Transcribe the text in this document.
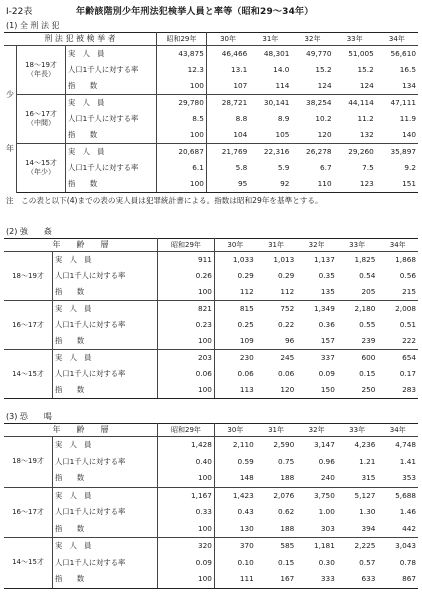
Ⅰ-22表	年齢該階別少年刑法犯検挙人員と率等（昭和29～34年）
(1) 全 刑 法 犯
刑 法 犯 被 検 挙 者			昭和29年	30年	31年	32年	33年	34年
少	18～19才
（年長）	実　人　員	43,875	46,466	48,301	49,770	51,005	56,610
		人口1千人に対する率	12.3	13.1	14.0	15.2	15.2	16.5
		指　　数	100	107	114	124	124	134
	16～17才
（中間）	実　人　員	29,780	28,721	30,141	38,254	44,114	47,111
		人口1千人に対する率	8.5	8.8	8.9	10.2	11.2	11.9
		指　　数	100	104	105	120	132	140
年	14～15才
（年少）	実　人　員	20,687	21,769	22,316	26,278	29,260	35,897
		人口1千人に対する率	6.1	5.8	5.9	6.7	7.5	9.2
		指　　数	100	95	92	110	123	151
注　この表と以下(4)までの表の実人員は犯罪統計書による。指数は昭和29年を基準とする。
(2) 強　　姦
年　　齢　　層		昭和29年	30年	31年	32年	33年	34年
18～19才	実　人　員	911	1,033	1,013	1,137	1,825	1,868
	人口1千人に対する率	0.26	0.29	0.29	0.35	0.54	0.56
	指　　数	100	112	112	135	205	215
16～17才	実　人　員	821	815	752	1,349	2,180	2,008
	人口1千人に対する率	0.23	0.25	0.22	0.36	0.55	0.51
	指　　数	100	109	96	157	239	222
14～15才	実　人　員	203	230	245	337	600	654
	人口1千人に対する率	0.06	0.06	0.06	0.09	0.15	0.17
	指　　数	100	113	120	150	250	283
(3) 恐　　喝
年　　齢　　層		昭和29年	30年	31年	32年	33年	34年
18～19才	実　人　員	1,428	2,110	2,590	3,147	4,236	4,748
	人口1千人に対する率	0.40	0.59	0.75	0.96	1.21	1.41
	指　　数	100	148	188	240	315	353
16～17才	実　人　員	1,167	1,423	2,076	3,750	5,127	5,688
	人口1千人に対する率	0.33	0.43	0.62	1.00	1.30	1.46
	指　　数	100	130	188	303	394	442
14～15才	実　人　員	320	370	585	1,181	2,225	3,043
	人口1千人に対する率	0.09	0.10	0.15	0.30	0.57	0.78
	指　　数	100	111	167	333	633	867
